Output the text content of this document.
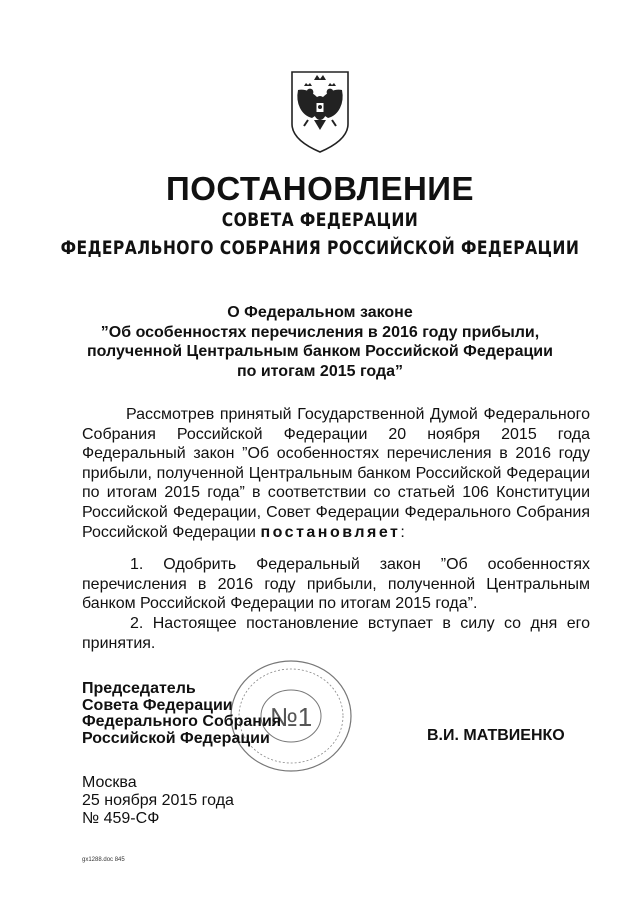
ПОСТАНОВЛЕНИЕ
СОВЕТА ФЕДЕРАЦИИ
ФЕДЕРАЛЬНОГО СОБРАНИЯ РОССИЙСКОЙ ФЕДЕРАЦИИ
О Федеральном законе
”Об особенностях перечисления в 2016 году прибыли,
полученной Центральным банком Российской Федерации
по итогам 2015 года”
Рассмотрев принятый Государственной Думой Федерального Собрания Российской Федерации 20 ноября 2015 года Федеральный закон ”Об особенностях перечисления в 2016 году прибыли, полученной Центральным банком Российской Федерации по итогам 2015 года” в соответствии со статьей 106 Конституции Российской Федерации, Совет Федерации Федерального Собрания Российской Федерации постановляет:
1. Одобрить Федеральный закон ”Об особенностях перечисления в 2016 году прибыли, полученной Центральным банком Российской Федерации по итогам 2015 года”.
2. Настоящее постановление вступает в силу со дня его принятия.
№1
Председатель
Совета Федерации
Федерального Собрания
Российской Федерации	В.И. МАТВИЕНКО
Москва
25 ноября 2015 года
№ 459-СФ
gx1288.doc 845
